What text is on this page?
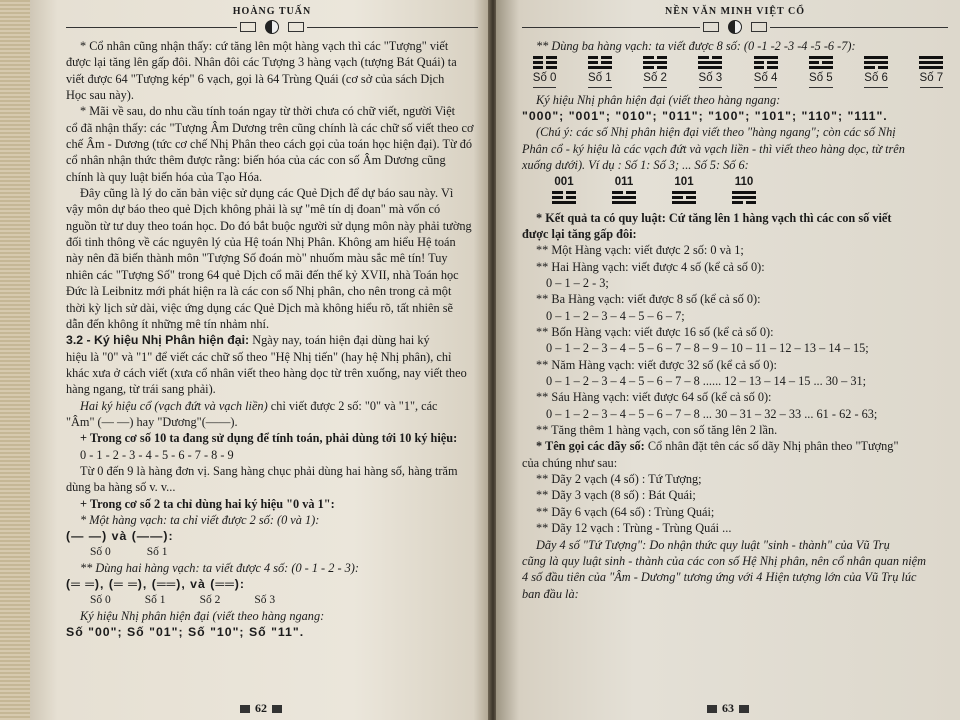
HOÀNG TUẤN

* Cổ nhân cũng nhận thấy: cứ tăng lên một hàng vạch thì các "Tượng" viết

được lại tăng lên gấp đôi. Nhân đôi các Tượng 3 hàng vạch (tượng Bát Quái) ta

viết được 64 "Tượng kép" 6 vạch, gọi là 64 Trùng Quái (cơ sở của sách Dịch

Học sau này).

* Mãi về sau, do nhu cầu tính toán ngay từ thời chưa có chữ viết, người Việt

cổ đã nhận thấy: các "Tượng Âm Dương trên cũng chính là các chữ số viết theo cơ

chế Âm - Dương (tức cơ chế Nhị Phân theo cách gọi của toán học hiện đại). Từ đó

cổ nhân nhận thức thêm được rằng: biến hóa của các con số Âm Dương cũng

chính là quy luật biến hóa của Tạo Hóa.

Đây cũng là lý do căn bản việc sử dụng các Quẻ Dịch để dự báo sau này. Vì

vậy môn dự báo theo quẻ Dịch không phải là sự "mê tín dị đoan" mà vốn có

nguồn từ tư duy theo toán học. Do đó bắt buộc người sử dụng môn này phải tường

đối tinh thông về các nguyên lý của Hệ toán Nhị Phân. Không am hiểu Hệ toán

này nên đã biến thành môn "Tượng Số đoán mò" nhuốm màu sắc mê tín! Tuy

nhiên các "Tượng Số" trong 64 quẻ Dịch cổ mãi đến thế kỷ XVII, nhà Toán học

Đức là Leibnitz mới phát hiện ra là các con số Nhị phân, cho nên trong cả một

thời kỳ lịch sử dài, việc ứng dụng các Quẻ Dịch mà không hiểu rõ, tất nhiên sẽ

dẫn đến không ít những mê tín nhảm nhí.

3.2 - Ký hiệu Nhị Phân hiện đại: Ngày nay, toán hiện đại dùng hai ký

hiệu là "0" và "1" để viết các chữ số theo "Hệ Nhị tiến" (hay hệ Nhị phân), chỉ

khác xưa ở cách viết (xưa cổ nhân viết theo hàng dọc từ trên xuống, nay viết theo

hàng ngang, từ trái sang phải).

Hai ký hiệu cổ (vạch đứt và vạch liền) chỉ viết được 2 số: "0" và "1", các

"Âm" (— —) hay "Dương"(——).

+ Trong cơ số 10 ta đang sử dụng để tính toán, phải dùng tới 10 ký hiệu:

0 - 1 - 2 - 3 - 4 - 5 - 6 - 7 - 8 - 9

Từ 0 đến 9 là hàng đơn vị. Sang hàng chục phải dùng hai hàng số, hàng trăm

dùng ba hàng số v. v...

+ Trong cơ số 2 ta chỉ dùng hai ký hiệu "0 và 1":

* Một hàng vạch: ta chỉ viết được 2 số: (0 và 1):

(— —) và (——):

Số 0	Số 1

** Dùng hai hàng vạch: ta viết được 4 số: (0 - 1 - 2 - 3):

(═ ═), (═ ═), (══), và (══):

Số 0	Số 1	Số 2	Số 3

Ký hiệu Nhị phân hiện đại (viết theo hàng ngang:

Số "00"; Số "01"; Số "10"; Số "11".

62
NỀN VĂN MINH VIỆT CỔ

** Dùng ba hàng vạch: ta viết được 8 số: (0 -1 -2 -3 -4 -5 -6 -7):

Số 0	Số 1	Số 2	Số 3	Số 4	Số 5	Số 6	Số 7

Ký hiệu Nhị phân hiện đại (viết theo hàng ngang:

"000"; "001"; "010"; "011"; "100"; "101"; "110"; "111".

(Chú ý: các số Nhị phân hiện đại viết theo "hàng ngang"; còn các số Nhị

Phân cổ - ký hiệu là các vạch đứt và vạch liền - thì viết theo hàng dọc, từ trên

xuống dưới). Ví dụ : Số 1: Số 3; ... Số 5: Số 6:

001	011	101	110

* Kết quả ta có quy luật: Cứ tăng lên 1 hàng vạch thì các con số viết

được lại tăng gấp đôi:

** Một Hàng vạch: viết được 2 số: 0 và 1;

** Hai Hàng vạch: viết được 4 số (kể cả số 0):

0 – 1 – 2 - 3;

** Ba Hàng vạch: viết được 8 số (kể cả số 0):

0 – 1 – 2 – 3 – 4 – 5 – 6 – 7;

** Bốn Hàng vạch: viết được 16 số (kể cả số 0):

0 – 1 – 2 – 3 – 4 – 5 – 6 – 7 – 8 – 9 – 10 – 11 – 12 – 13 – 14 – 15;

** Năm Hàng vạch: viết được 32 số (kể cả số 0):

0 – 1 – 2 – 3 – 4 – 5 – 6 – 7 – 8 ...... 12 – 13 – 14 – 15 ... 30 – 31;

** Sáu Hàng vạch: viết được 64 số (kể cả số 0):

0 – 1 – 2 – 3 – 4 – 5 – 6 – 7 – 8 ... 30 – 31 – 32 – 33 ... 61 - 62 - 63;

** Tăng thêm 1 hàng vạch, con số tăng lên 2 lần.

* Tên gọi các dãy số: Cổ nhân đặt tên các số dãy Nhị phân theo "Tượng"

của chúng như sau:

** Dãy 2 vạch (4 số) : Tứ Tượng;

** Dãy 3 vạch (8 số) : Bát Quái;

** Dãy 6 vạch (64 số) : Trùng Quái;

** Dãy 12 vạch : Trùng - Trùng Quái ...

Dãy 4 số "Tứ Tượng": Do nhận thức quy luật "sinh - thành" của Vũ Trụ

cũng là quy luật sinh - thành của các con số Hệ Nhị phân, nên cổ nhân quan niệm

4 số đầu tiên của "Âm - Dương" tương ứng với 4 Hiện tượng lớn của Vũ Trụ lúc

ban đầu là:

63
